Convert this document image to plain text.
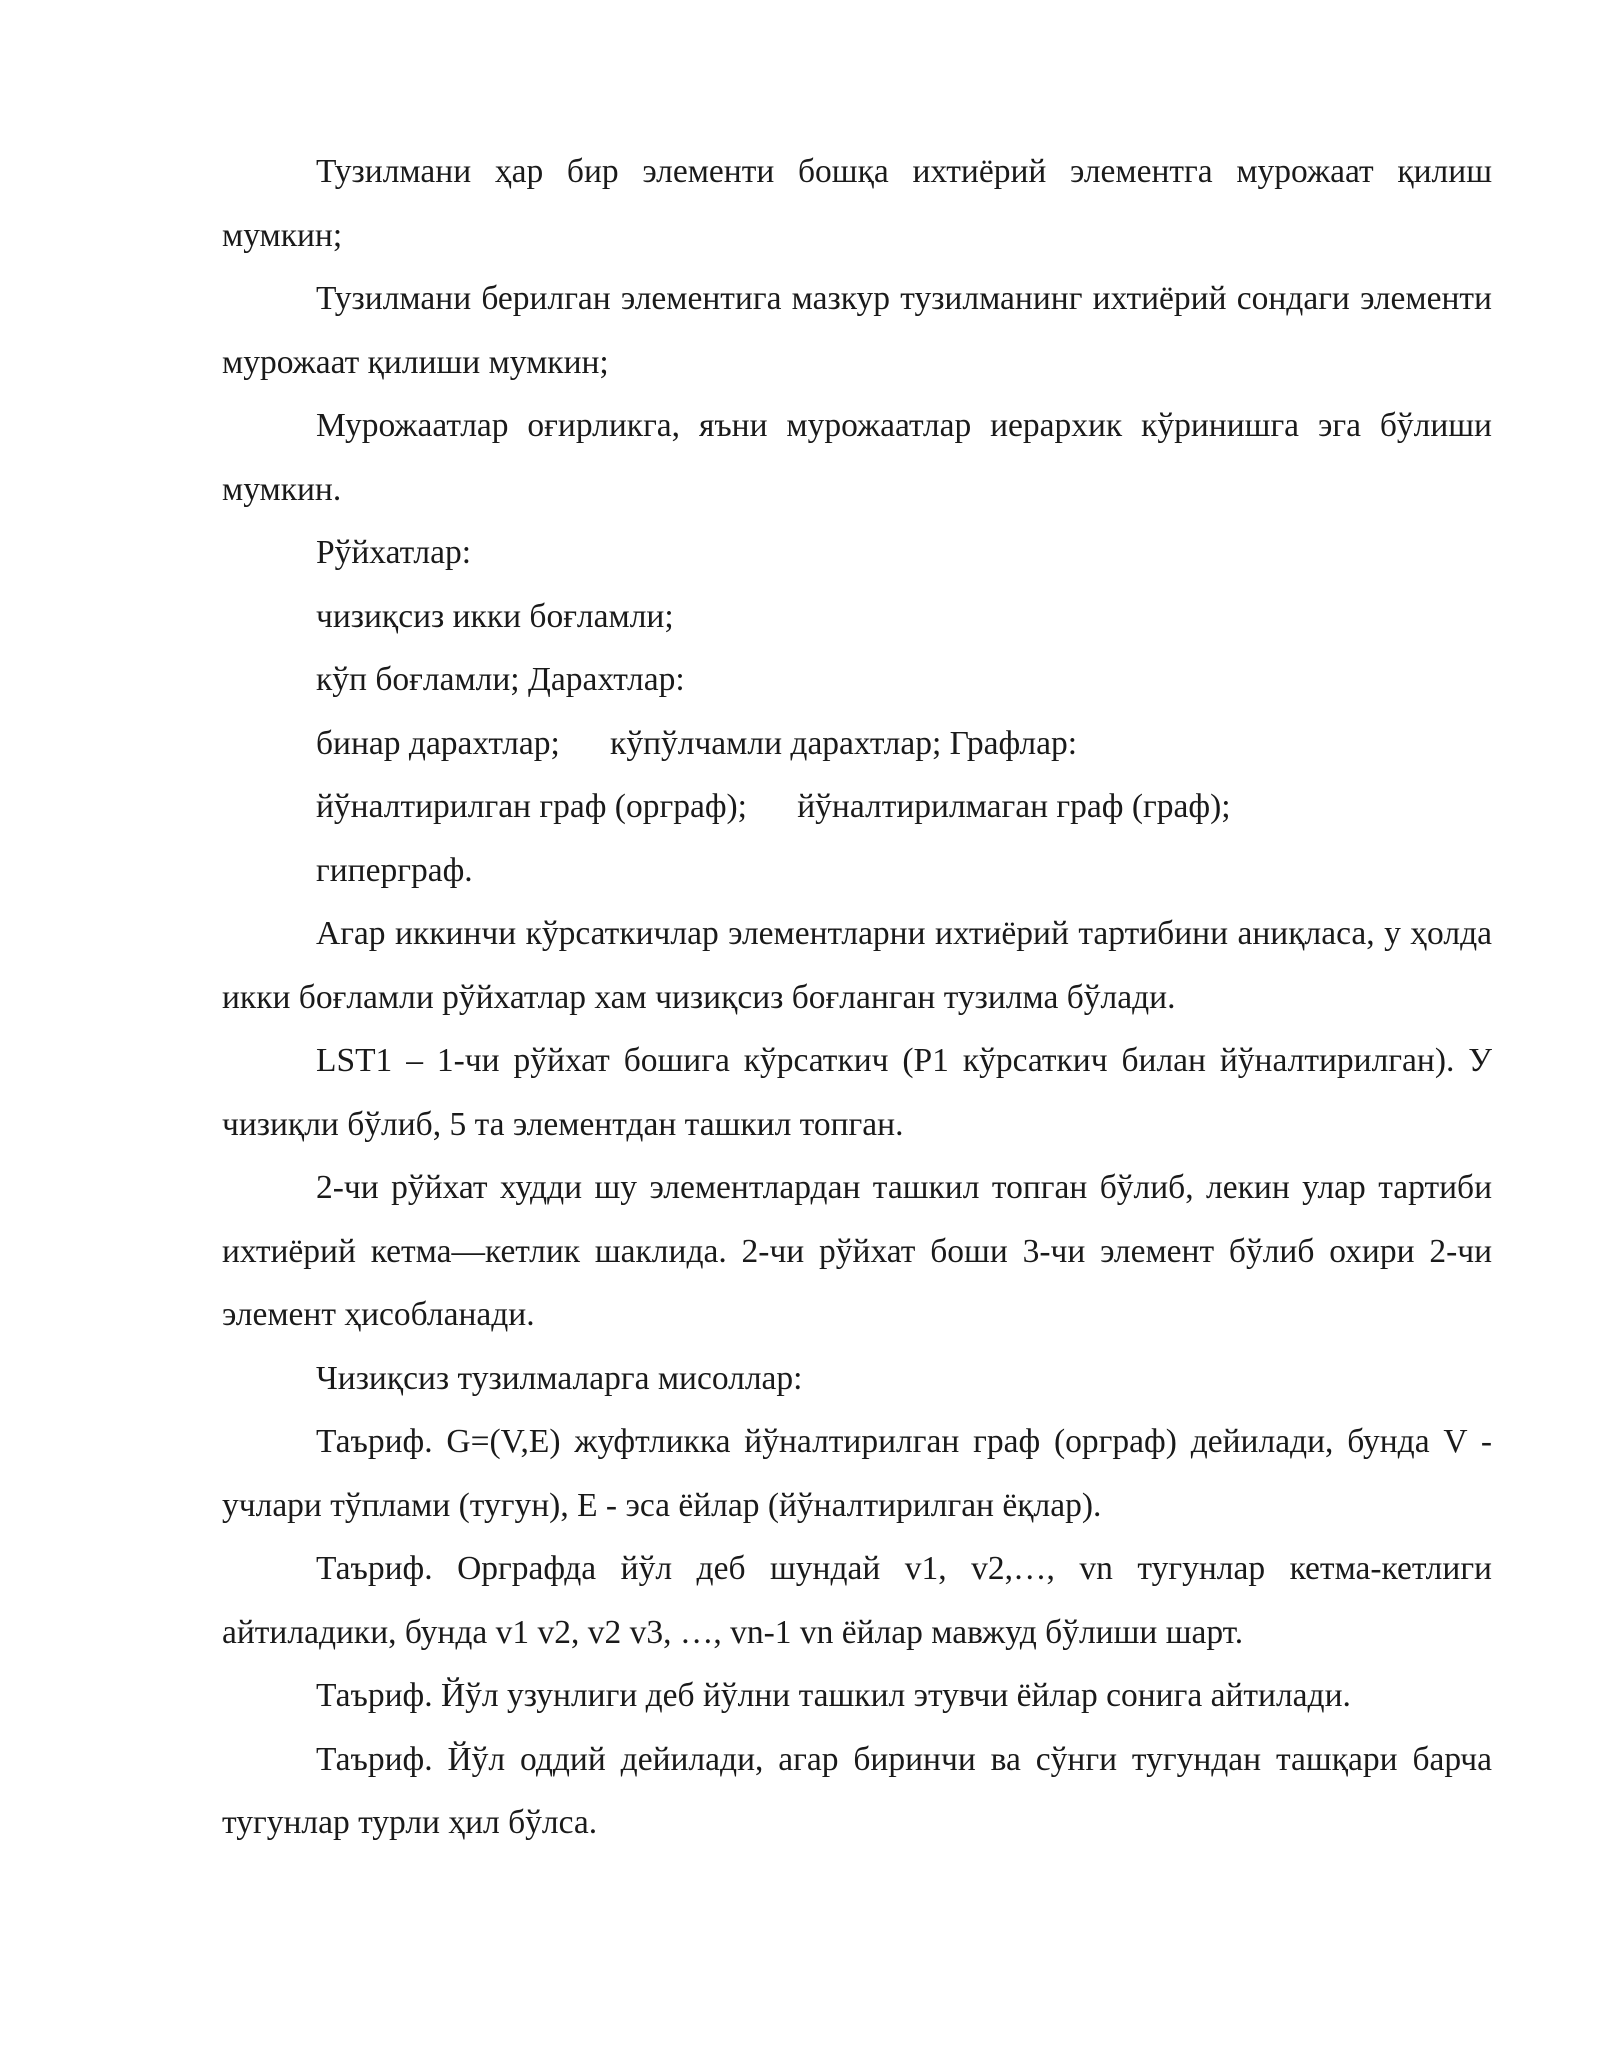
Тузилмани ҳар бир элементи бошқа ихтиёрий элементга мурожаат қилиш мумкин;

Тузилмани берилган элементига мазкур тузилманинг ихтиёрий сондаги элементи мурожаат қилиши мумкин;

Мурожаатлар оғирликга, яъни мурожаатлар иерархик кўринишга эга бўлиши мумкин.

Рўйхатлар:

чизиқсиз икки боғламли;

кўп боғламли; Дарахтлар:

бинар дарахтлар;      кўпўлчамли дарахтлар; Графлар:

йўналтирилган граф (орграф);      йўналтирилмаган граф (граф);

гиперграф.

Агар иккинчи кўрсаткичлар элементларни ихтиёрий тартибини аниқласа, у ҳолда икки боғламли рўйхатлар хам чизиқсиз боғланган тузилма бўлади.

LST1 – 1-чи рўйхат бошига кўрсаткич (Р1 кўрсаткич билан йўналтирилган). У чизиқли бўлиб, 5 та элементдан ташкил топган.

2-чи рўйхат худди шу элементлардан ташкил топган бўлиб, лекин улар тартиби ихтиёрий кетма—кетлик шаклида. 2-чи рўйхат боши 3-чи элемент бўлиб охири 2-чи элемент ҳисобланади.

Чизиқсиз тузилмаларга мисоллар:

Таъриф. G=(V,E) жуфтликка йўналтирилган граф (орграф) дейилади, бунда V - учлари тўплами (тугун), E - эса ёйлар (йўналтирилган ёқлар).

Таъриф. Орграфда йўл деб шундай v1, v2,…, vn тугунлар кетма-кетлиги айтиладики, бунда v1 v2, v2 v3, …, vn-1 vn ёйлар мавжуд бўлиши шарт.

Таъриф. Йўл узунлиги деб йўлни ташкил этувчи ёйлар сонига айтилади.

Таъриф. Йўл оддий дейилади, агар биринчи ва сўнги тугундан ташқари барча тугунлар турли ҳил бўлса.
